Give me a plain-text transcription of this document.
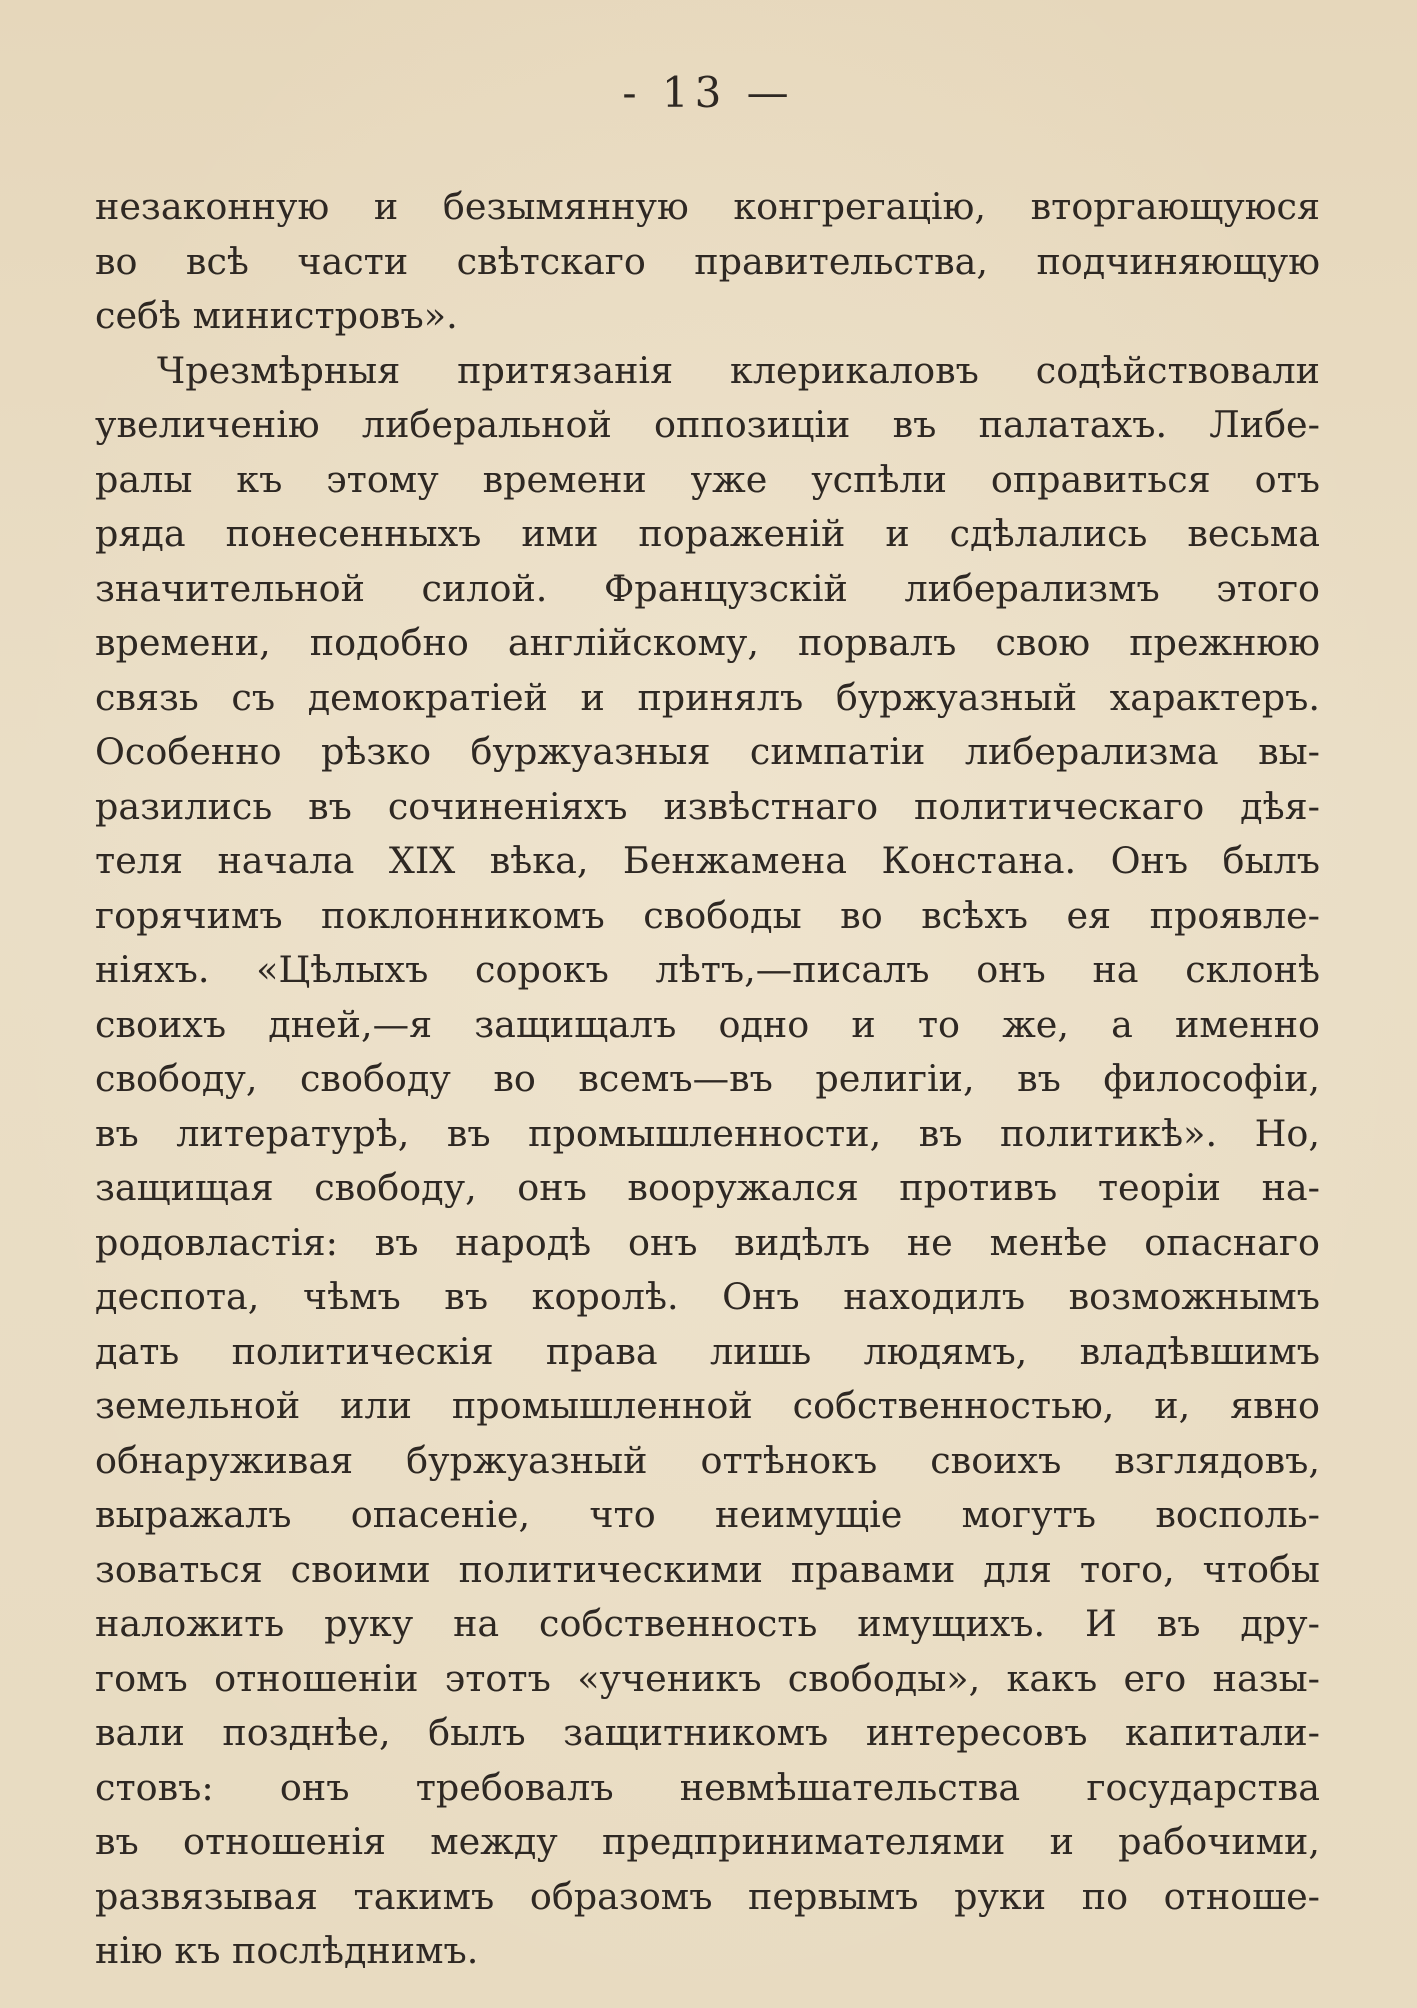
- 13 —
незаконную и безымянную конгрегацію, вторгающуюся
во всѣ части свѣтскаго правительства, подчиняющую
себѣ министровъ».
Чрезмѣрныя притязанія клерикаловъ содѣйствовали
увеличенію либеральной оппозиціи въ палатахъ. Либе-
ралы къ этому времени уже успѣли оправиться отъ
ряда понесенныхъ ими пораженій и сдѣлались весьма
значительной силой. Французскій либерализмъ этого
времени, подобно англійскому, порвалъ свою прежнюю
связь съ демократіей и принялъ буржуазный характеръ.
Особенно рѣзко буржуазныя симпатіи либерализма вы-
разились въ сочиненіяхъ извѣстнаго политическаго дѣя-
теля начала XIX вѣка, Бенжамена Констана. Онъ былъ
горячимъ поклонникомъ свободы во всѣхъ ея проявле-
ніяхъ. «Цѣлыхъ сорокъ лѣтъ,—писалъ онъ на склонѣ
своихъ дней,—я защищалъ одно и то же, а именно
свободу, свободу во всемъ—въ религіи, въ философіи,
въ литературѣ, въ промышленности, въ политикѣ». Но,
защищая свободу, онъ вооружался противъ теоріи на-
родовластія: въ народѣ онъ видѣлъ не менѣе опаснаго
деспота, чѣмъ въ королѣ. Онъ находилъ возможнымъ
дать политическія права лишь людямъ, владѣвшимъ
земельной или промышленной собственностью, и, явно
обнаруживая буржуазный оттѣнокъ своихъ взглядовъ,
выражалъ опасеніе, что неимущіе могутъ восполь-
зоваться своими политическими правами для того, чтобы
наложить руку на собственность имущихъ. И въ дру-
гомъ отношеніи этотъ «ученикъ свободы», какъ его назы-
вали позднѣе, былъ защитникомъ интересовъ капитали-
стовъ: онъ требовалъ невмѣшательства государства
въ отношенія между предпринимателями и рабочими,
развязывая такимъ образомъ первымъ руки по отноше-
нію къ послѣднимъ.
